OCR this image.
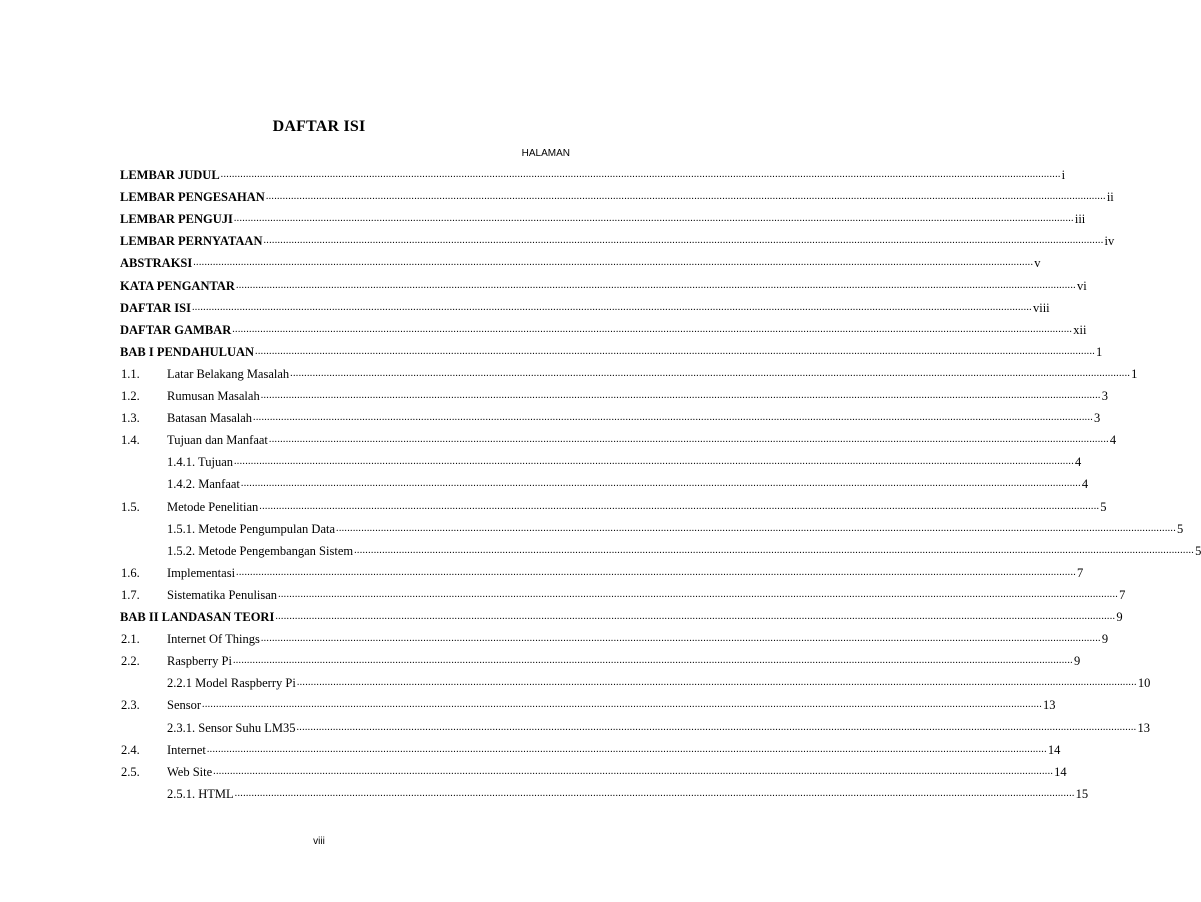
DAFTAR ISI
HALAMAN
LEMBAR JUDUL ............................................................................................................................................................................................................................................................................................................ i
LEMBAR PENGESAHAN ............................................................................................................................................................................................................................................................................................................ ii
LEMBAR PENGUJI ............................................................................................................................................................................................................................................................................................................ iii
LEMBAR PERNYATAAN ............................................................................................................................................................................................................................................................................................................ iv
ABSTRAKSI ............................................................................................................................................................................................................................................................................................................ v
KATA PENGANTAR ............................................................................................................................................................................................................................................................................................................ vi
DAFTAR ISI ............................................................................................................................................................................................................................................................................................................ viii
DAFTAR GAMBAR ............................................................................................................................................................................................................................................................................................................ xii
BAB I PENDAHULUAN ............................................................................................................................................................................................................................................................................................................ 1
1.1.	Latar Belakang Masalah ............................................................................................................................................................................................................................................................................................................ 1
1.2.	Rumusan Masalah ............................................................................................................................................................................................................................................................................................................ 3
1.3.	Batasan Masalah ............................................................................................................................................................................................................................................................................................................ 3
1.4.	Tujuan dan Manfaat ............................................................................................................................................................................................................................................................................................................ 4
1.4.1. Tujuan ............................................................................................................................................................................................................................................................................................................ 4
1.4.2. Manfaat ............................................................................................................................................................................................................................................................................................................ 4
1.5.	Metode Penelitian ............................................................................................................................................................................................................................................................................................................ 5
1.5.1. Metode Pengumpulan Data ............................................................................................................................................................................................................................................................................................................ 5
1.5.2. Metode Pengembangan Sistem ............................................................................................................................................................................................................................................................................................................ 5
1.6.	Implementasi ............................................................................................................................................................................................................................................................................................................ 7
1.7.	Sistematika Penulisan ............................................................................................................................................................................................................................................................................................................ 7
BAB II LANDASAN TEORI ............................................................................................................................................................................................................................................................................................................ 9
2.1.	Internet Of Things ............................................................................................................................................................................................................................................................................................................ 9
2.2.	Raspberry Pi ............................................................................................................................................................................................................................................................................................................ 9
2.2.1 Model Raspberry Pi ............................................................................................................................................................................................................................................................................................................ 10
2.3.	Sensor ............................................................................................................................................................................................................................................................................................................ 13
2.3.1. Sensor Suhu LM35 ............................................................................................................................................................................................................................................................................................................ 13
2.4.	Internet ............................................................................................................................................................................................................................................................................................................ 14
2.5.	Web Site ............................................................................................................................................................................................................................................................................................................ 14
2.5.1. HTML ............................................................................................................................................................................................................................................................................................................ 15
viii
